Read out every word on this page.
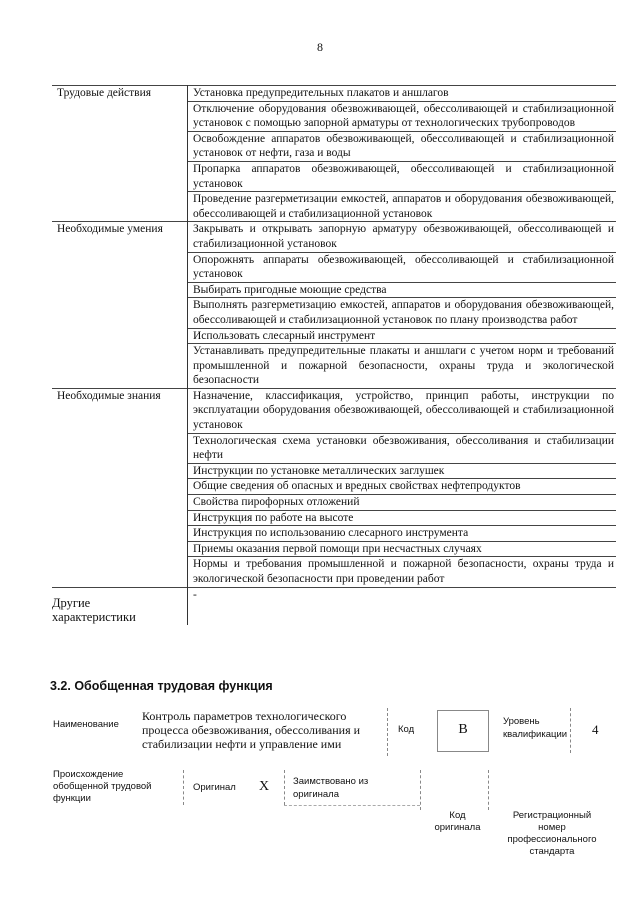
8
Трудовые действия	Установка предупредительных плакатов и аншлагов
	Отключение оборудования обезвоживающей, обессоливающей и стабилизационной установок с помощью запорной арматуры от технологических трубопроводов
	Освобождение аппаратов обезвоживающей, обессоливающей и стабилизационной установок от нефти, газа и воды
	Пропарка аппаратов обезвоживающей, обессоливающей и стабилизационной установок
	Проведение разгерметизации емкостей, аппаратов и оборудования обезвоживающей, обессоливающей и стабилизационной установок

Необходимые умения	Закрывать и открывать запорную арматуру обезвоживающей, обессоливающей и стабилизационной установок
	Опорожнять аппараты обезвоживающей, обессоливающей и стабилизационной установок
	Выбирать пригодные моющие средства
	Выполнять разгерметизацию емкостей, аппаратов и оборудования обезвоживающей, обессоливающей и стабилизационной установок по плану производства работ
	Использовать слесарный инструмент
	Устанавливать предупредительные плакаты и аншлаги с учетом норм и требований промышленной и пожарной безопасности, охраны труда и экологической безопасности

Необходимые знания	Назначение, классификация, устройство, принцип работы, инструкции по эксплуатации оборудования обезвоживающей, обессоливающей и стабилизационной установок
	Технологическая схема установки обезвоживания, обессоливания и стабилизации нефти
	Инструкции по установке металлических заглушек
	Общие сведения об опасных и вредных свойствах нефтепродуктов
	Свойства пирофорных отложений
	Инструкция по работе на высоте
	Инструкция по использованию слесарного инструмента
	Приемы оказания первой помощи при несчастных случаях
	Нормы и требования промышленной и пожарной безопасности, охраны труда и экологической безопасности при проведении работ

Другие
характеристики	-
3.2. Обобщенная трудовая функция
Наименование
Контроль параметров технологического процесса обезвоживания, обессоливания и стабилизации нефти и управление ими
Код	B
Уровень
квалификации 4
Происхождение
обобщенной трудовой
функции
Оригинал X	Заимствовано из
оригинала
Код
оригинала
Регистрационный
номер
профессионального
стандарта
